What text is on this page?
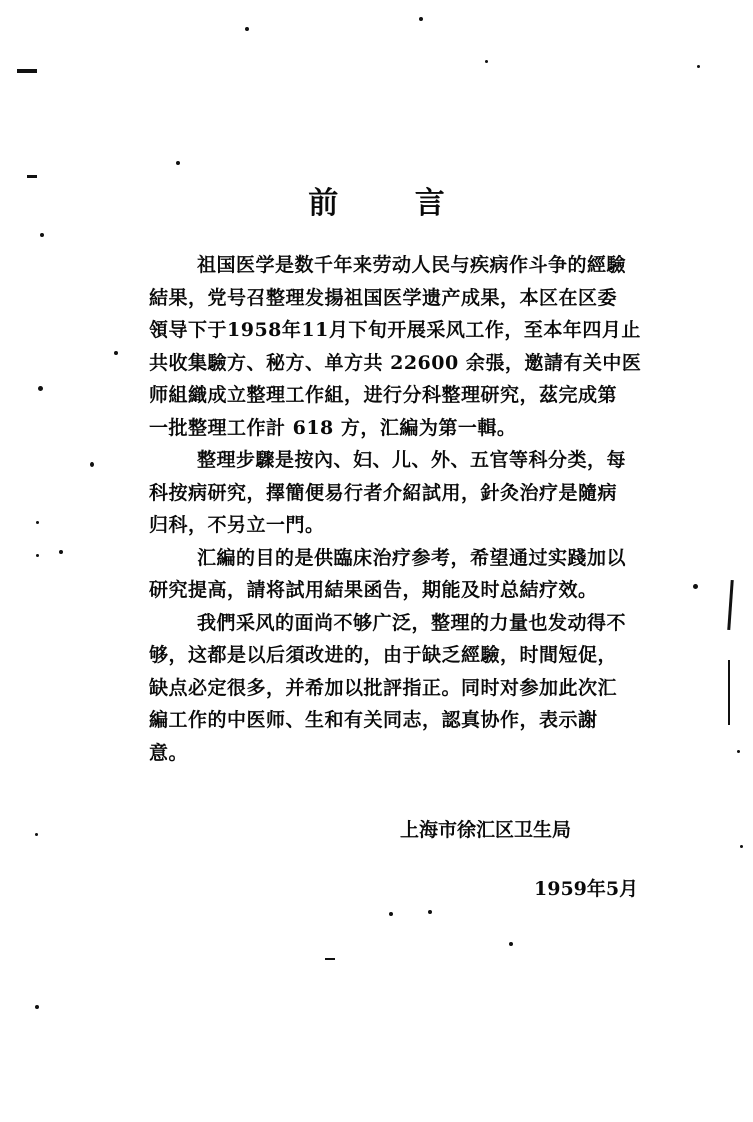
前	言
祖国医学是数千年来劳动人民与疾病作斗争的經驗
結果，党号召整理发揚祖国医学遗产成果，本区在区委
領导下于1958年11月下旬开展采风工作，至本年四月止
共收集驗方、秘方、单方共 22600 余張，邀請有关中医
师組織成立整理工作組，进行分科整理研究，茲完成第
一批整理工作計 618 方，汇編为第一輯。
整理步驟是按內、妇、儿、外、五官等科分类，每
科按病研究，擇簡便易行者介紹試用，針灸治疗是隨病
归科，不另立一門。
汇編的目的是供臨床治疗参考，希望通过实踐加以
研究提高，請将試用結果函告，期能及时总結疗效。
我們采风的面尚不够广泛，整理的力量也发动得不
够，这都是以后須改进的，由于缺乏經驗，时間短促，
缺点必定很多，并希加以批評指正。同时对参加此次汇
編工作的中医师、生和有关同志，認真协作，表示謝
意。
上海市徐汇区卫生局
1959年5月
